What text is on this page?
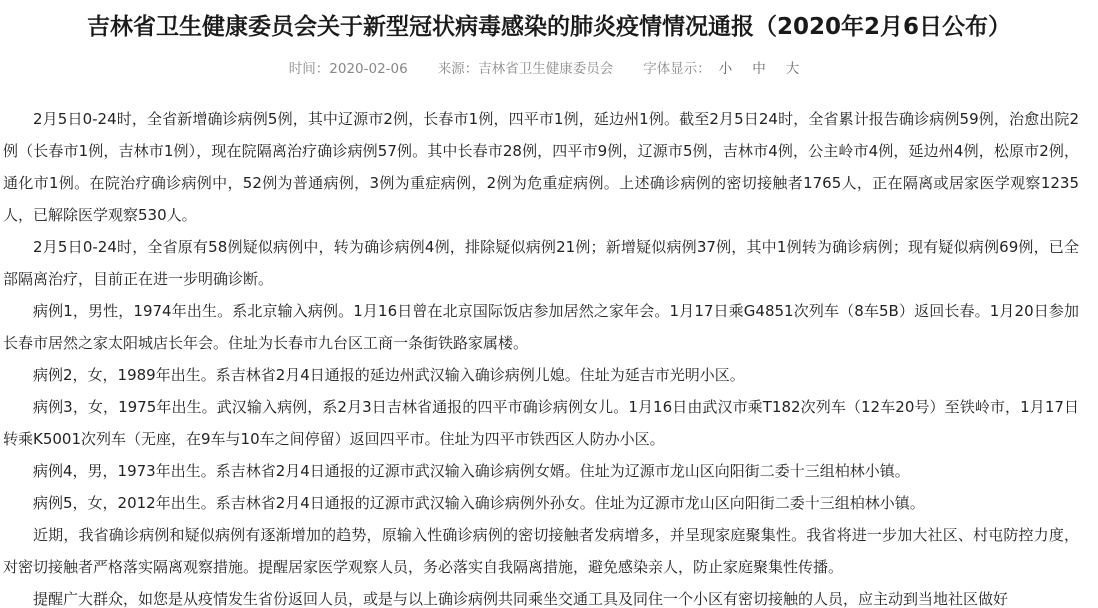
吉林省卫生健康委员会关于新型冠状病毒感染的肺炎疫情情况通报（2020年2月6日公布）
时间：2020-02-06 来源：吉林省卫生健康委员会 字体显示： 小 中 大

2月5日0-24时，全省新增确诊病例5例，其中辽源市2例，长春市1例，四平市1例，延边州1例。截至2月5日24时，全省累计报告确诊病例59例，治愈出院2例（长春市1例，吉林市1例），现在院隔离治疗确诊病例57例。其中长春市28例，四平市9例，辽源市5例，吉林市4例，公主岭市4例，延边州4例，松原市2例，通化市1例。在院治疗确诊病例中，52例为普通病例，3例为重症病例，2例为危重症病例。上述确诊病例的密切接触者1765人，正在隔离或居家医学观察1235人，已解除医学观察530人。

2月5日0-24时，全省原有58例疑似病例中，转为确诊病例4例，排除疑似病例21例；新增疑似病例37例，其中1例转为确诊病例；现有疑似病例69例，已全部隔离治疗，目前正在进一步明确诊断。

病例1，男性，1974年出生。系北京输入病例。1月16日曾在北京国际饭店参加居然之家年会。1月17日乘G4851次列车（8车5B）返回长春。1月20日参加长春市居然之家太阳城店长年会。住址为长春市九台区工商一条街铁路家属楼。

病例2，女，1989年出生。系吉林省2月4日通报的延边州武汉输入确诊病例儿媳。住址为延吉市光明小区。

病例3，女，1975年出生。武汉输入病例，系2月3日吉林省通报的四平市确诊病例女儿。1月16日由武汉市乘T182次列车（12车20号）至铁岭市，1月17日转乘K5001次列车（无座，在9车与10车之间停留）返回四平市。住址为四平市铁西区人防办小区。

病例4，男，1973年出生。系吉林省2月4日通报的辽源市武汉输入确诊病例女婿。住址为辽源市龙山区向阳街二委十三组柏林小镇。

病例5，女，2012年出生。系吉林省2月4日通报的辽源市武汉输入确诊病例外孙女。住址为辽源市龙山区向阳街二委十三组柏林小镇。

近期，我省确诊病例和疑似病例有逐渐增加的趋势，原输入性确诊病例的密切接触者发病增多，并呈现家庭聚集性。我省将进一步加大社区、村屯防控力度，对密切接触者严格落实隔离观察措施。提醒居家医学观察人员，务必落实自我隔离措施，避免感染亲人，防止家庭聚集性传播。

提醒广大群众，如您是从疫情发生省份返回人员，或是与以上确诊病例共同乘坐交通工具及同住一个小区有密切接触的人员，应主动到当地社区做好
